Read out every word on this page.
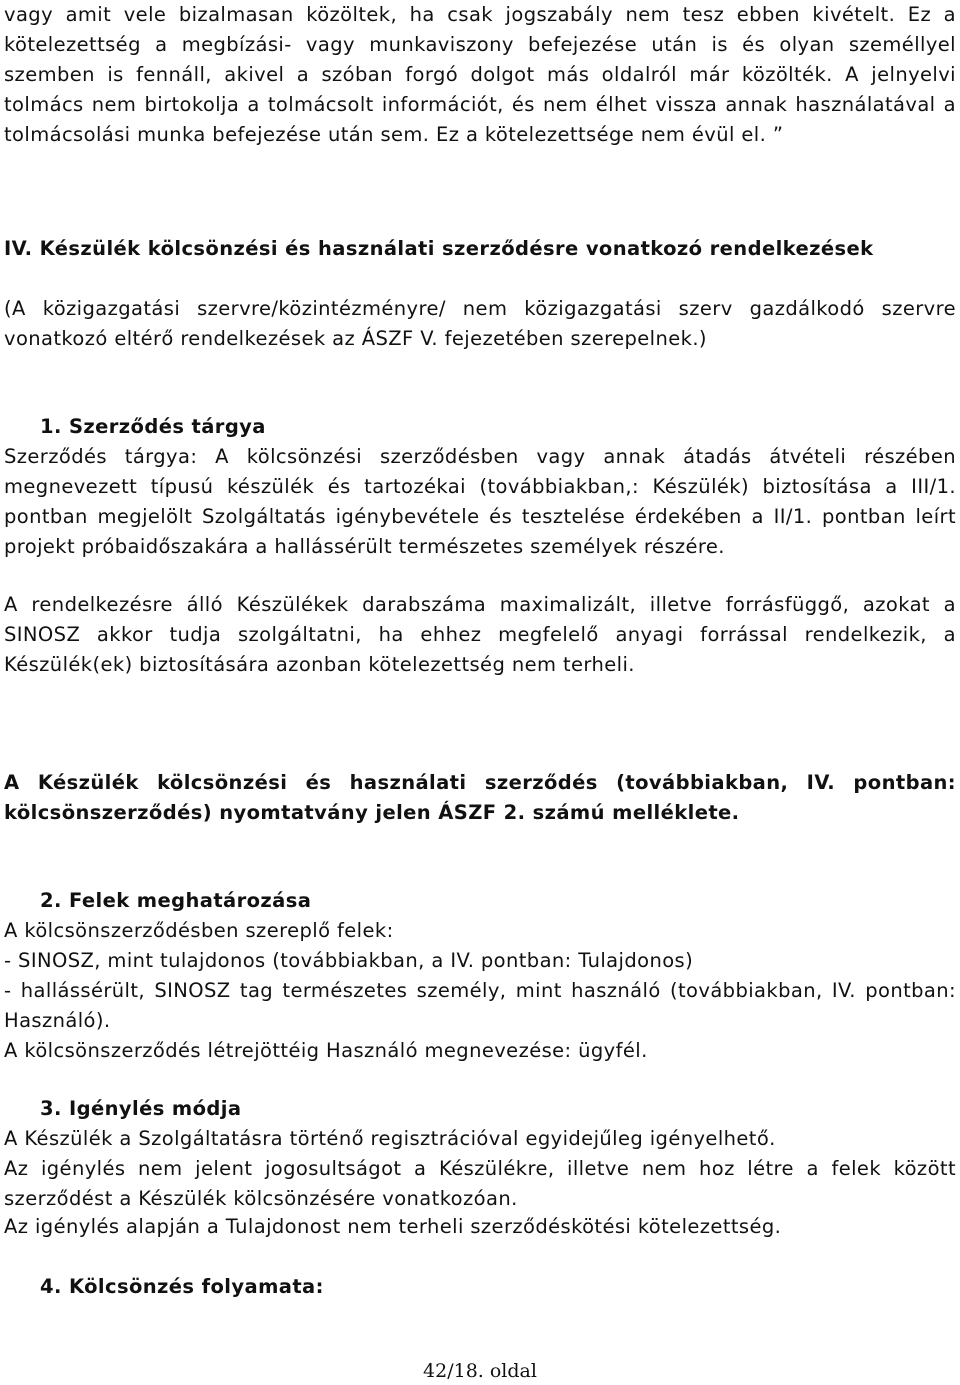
vagy amit vele bizalmasan közöltek, ha csak jogszabály nem tesz ebben kivételt. Ez a kötelezettség a megbízási- vagy munkaviszony befejezése után is és olyan személlyel szemben is fennáll, akivel a szóban forgó dolgot más oldalról már közölték. A jelnyelvi tolmács nem birtokolja a tolmácsolt információt, és nem élhet vissza annak használatával a tolmácsolási munka befejezése után sem. Ez a kötelezettsége nem évül el. ”

IV. Készülék kölcsönzési és használati szerződésre vonatkozó rendelkezések

(A közigazgatási szervre/közintézményre/ nem közigazgatási szerv gazdálkodó szervre vonatkozó eltérő rendelkezések az ÁSZF V. fejezetében szerepelnek.)

1. Szerződés tárgya

Szerződés tárgya: A kölcsönzési szerződésben vagy annak átadás átvételi részében megnevezett típusú készülék és tartozékai (továbbiakban,: Készülék) biztosítása a III/1. pontban megjelölt Szolgáltatás igénybevétele és tesztelése érdekében a II/1. pontban leírt projekt próbaidőszakára a hallássérült természetes személyek részére.

A rendelkezésre álló Készülékek darabszáma maximalizált, illetve forrásfüggő, azokat a SINOSZ akkor tudja szolgáltatni, ha ehhez megfelelő anyagi forrással rendelkezik, a Készülék(ek) biztosítására azonban kötelezettség nem terheli.

A Készülék kölcsönzési és használati szerződés (továbbiakban, IV. pontban: kölcsönszerződés) nyomtatvány jelen ÁSZF 2. számú melléklete.

2. Felek meghatározása

A kölcsönszerződésben szereplő felek:

- SINOSZ, mint tulajdonos (továbbiakban, a IV. pontban: Tulajdonos)

- hallássérült, SINOSZ tag természetes személy, mint használó (továbbiakban, IV. pontban: Használó).

A kölcsönszerződés létrejöttéig Használó megnevezése: ügyfél.

3. Igénylés módja

A Készülék a Szolgáltatásra történő regisztrációval egyidejűleg igényelhető.

Az igénylés nem jelent jogosultságot a Készülékre, illetve nem hoz létre a felek között szerződést a Készülék kölcsönzésére vonatkozóan.

Az igénylés alapján a Tulajdonost nem terheli szerződéskötési kötelezettség.

4. Kölcsönzés folyamata:

42/18. oldal
